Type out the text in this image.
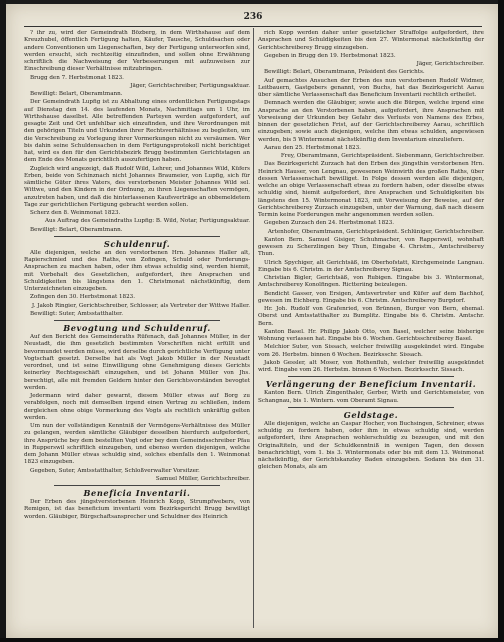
236

? ihr zu, wird der Gemeindrath Bözberg, in dem Wirthshause auf dem Kreuzhubel, öffentlich Fertigung halten, Käufer, Tausche, Schuldsachen oder andere Conventionen um Liegenschaften, bey der Fertigung unterworfen sind, werden ersucht, sich rechtzeitig einzufinden, und sollen ohne Erwähnung schriftlich die Nachweisung der Verbesserungen mit aufzuweisen zur Einschreibung dieser Verhältnisse mitzubringen.

Brugg den 7. Herbstmonat 1823.

Jäger, Gerichtschreiber, Fertigungsaktuar.

Bewilligt: Belart, Oberamtmann.

Der Gemeindrath Lupfig ist zu Abhaltung eines ordentlichen Fertigungstags auf Dienstag den 14. des laufenden Monats, Nachmittags um 1 Uhr, im Wirthshause daselbst. Alle betreffenden Parteyen werden aufgefordert, auf gesagte Zeit und Ort unfehlbar sich einzufinden, und ihre Verordnungen mit den gehörigen Titeln und Urkunden ihrer Rechtsverhältnisse zu begleiten, um die Verschreibung zu Vorlegung ihrer Vormerkungen nicht zu versäumen. Wer bis dahin seine Schuldensachen in dem Fertigungsprotokoll nicht berichtiget hat, wird es den für den Gerichtsbezirk Brugg bestimmten Gerichtstagen an dem Ende des Monats gerichtlich auszufertigen haben.

Zugleich wird angezeigt, daß Rudolf Wild, Lehrer, und Johannes Wild, Küfers Erben, beide von Schinznach nicht Johannes Braumeier, von Lupfig, sich für sämtliche Güter ihres Vaters, des verstorbenen Meister Johannes Wild sel. Wittwe, und den Kindern in der Ordnung, zu ihren Liegenschaften vermögen, anzutreten haben, und daß die hinterlassenen Kaufsverträge an obbemeldetem Tage zur gerichtlichen Fertigung gebracht werden sollen.

Scherz den 8. Weinmonat 1823.

Aus Auftrag des Gemeindraths Lupfig: B. Wild, Notar, Fertigungsaktuar.

Bewilligt: Belart, Oberamtmann.

Schuldenruf.

Alle diejenigen, welche an den verstorbenen Hrn. Johannes Haller alt, Rapierschmied und des Raths, von Zofingen, Schuld oder Forderungs-Ansprachen zu machen haben, oder ihm etwas schuldig sind, werden hiemit, mit Vorbehalt des Gesetzlichen, aufgefordert, ihre Ansprachen und Schuldigkeiten bis längstens den 1. Christmonat nächstkünftig, dem Unterzeichneten einzugeben.

Zofingen den 30. Herbstmonat 1823.

J. Jakob Ringier, Gerichtschreiber, Schlosser, als Vertreter der Wittwe Haller.

Bewilligt: Suter, Amtsstatthalter.

Bevogtung und Schuldenruf.

Auf den Bericht des Gemeinderaths Rüfenach, daß Johannes Müller, in der Neustadt, die ihm gesetzlich bestimmten Vorschriften nicht erfüllt und bevormundet werden müsse, wird derselbe durch gerichtliche Verfügung unter Vogtschaft gesetzt. Derselbe hat als Vogt Jakob Müller in der Neustadt verordnet, und ist seine Einwilligung ohne Genehmigung dieses Gerichts keinerley Rechtsgeschäft einzugehen, und ist Johann Müller von Jhs. berechtigt, alle mit fremden Geldern hinter den Gerichtsvorständen bevogtet werden.

Jedermann wird daher gewarnt, diesem Müller etwas auf Borg zu verabfolgen, noch mit demselben irgend einen Vertrag zu schließen, indem dergleichen ohne obige Vormerkung des Vogts als rechtlich unkräftig gelten werden.

Um nun der vollständigen Kenntniß der Vermögens-Verhältnisse des Müller zu gelangen, werden sämtliche Gläubiger desselben hierdurch aufgefordert, ihre Ansprüche bey dem bestellten Vogt oder bey dem Gemeindsschreiber Pfau in Rupperswil schriftlich einzugeben, und ebenso werden diejenigen, welche dem Johann Müller etwas schuldig sind, solches ebenfalls den 1. Weinmonat 1823 einzugeben.

Gegeben, Suter, Amtsstatthalter, Schloßverwalter Vorsitzer.

Samuel Müller, Gerichtschreiber.

Beneficia Inventarii.

Der Erben des jüngstverstorbenen Heinrich Kopp, Strumpfwebers, von Remigen, ist das beneficium inventarii vom Bezirksgericht Brugg bewilligt worden. Gläubiger, Bürgschaftsansprecher und Schuldner des Heinrich

rich Kopp werden daher unter gesetzlicher Straffolge aufgefordert, ihre Ansprachen und Schuldigkeiten bis den 27. Wintermonat nächstkünftig der Gerichtschreiberey Brugg einzugeben.

Gegeben in Brugg den 19. Herbstmonat 1823.

Jäger, Gerichtschreiber.

Bewilligt: Belart, Oberamtmann, Präsident des Gerichts.

Auf gemachtes Ansuchen der Erben des nun verstorbenen Rudolf Widmer, Leitbauern, Gastgebers genannt, von Buchs, hat das Bezirksgericht Aarau über sämtliche Verlassenschaft das Beneficium Inventarii rechtlich ertheilet.

Demnach werden die Gläubiger, sowie auch die Bürgen, welche irgend eine Ansprache an den Verstorbenen haben, aufgefordert, ihre Ansprachen mit Vorweisung der Urkunden bey Gefahr des Verlusts von Namens des Erbes, binnen der gesetzlichen Frist, auf der Gerichtschreiberey Aarau, schriftlich einzugeben; sowie auch diejenigen, welche ihm etwas schulden, angewiesen werden, bis 5 Wintermonat nächstkünftig dem Inventarium einzuliefern.

Aarau den 25. Herbstmonat 1823.

Frey, Oberamtmann, Gerichtspräsident. Siebenmann, Gerichtschreiber.

Das Bezirksgericht Zurzach hat den Erben des jüngsthin verstorbenen Hrn. Heinrich Hauser, von Lengnau, gewesenen Weinwirth des großen Raths, über dessen Verlassenschaft bewilliget. In Folge dessen werden alle diejenigen, welche an obige Verlassenschaft etwas zu fordern haben, oder dieselbe etwas schuldig sind, hiemit aufgefordert, ihre Ansprachen und Schuldigkeiten bis längstens den 15. Wintermonat 1823, mit Vorweisung der Beweise, auf der Gerichtschreiberey Zurzach einzugeben, unter der Warnung, daß nach diesem Termin keine Forderungen mehr angenommen werden sollen.

Gegeben Zurzach den 24. Herbstmonat 1823.

Artenhofer, Oberamtmann, Gerichtspräsident. Schlüniger, Gerichtschreiber.

Kanton Bern. Samuel Gisiger, Schuhmacher, von Rapperswil, wohnhaft gewesen zu Scherzlingen bey Thun, Eingabe 4. Christm., Amtschreiberey Thun.

Ulrich Spychiger, alt Gerichtsäß, im Oberhofstatt, Kirchgemeinde Langnau. Eingabe bis 6. Christm. in der Amtschreiberey Signau.

Christian Bigler, Gerichtsäß, von Rubigen. Eingabe bis 3. Wintermonat, Amtschreiberey Konolfingen. Rictteriing beizulegen.

Bendicht Gasser, von Ersigen, Amtsvertreter und Küfer auf dem Bachhof, gewesen im Eichberg. Eingabe bis 6. Christm. Amtschreiberey Burgdorf.

Hr. Joh. Rudolf von Grafenried, von Brünnen, Burger von Bern, ehemal. Oberst und Amtsstatthalter zu Bumplitz. Eingabe bis 6. Christm. Amtschr. Bern.

Kanton Basel. Hr. Philipp Jakob Otto, von Basel, welcher seine bisherige Wohnung verlassen hat. Eingabe bis 6. Wochen. Gerichtsschreiberey Basel.

Melchior Suter, von Sissach, welcher freiwillig ausgekündet wird. Eingabe vom 26. Herbstm. binnen 6 Wochen. Bezirksschr. Sissach.

Jakob Gessler, alt Moser, von Rothenfluh, welcher freiwillig ausgekündet wird. Eingabe vom 26. Herbstm. binnen 6 Wochen. Bezirksschr. Sissach.

Verlängerung der Beneficium Inventarii.

Kanton Bern. Ulrich Zingenthaler, Gerber, Wirth und Gerichtsmeister, von Schangnau, bis 1. Wintern. vom Oberamt Signau.

Geldstage.

Alle diejenigen, welche an Caspar Hocher, von Buchsingen, Schreiner, etwas schuldig zu fordern haben, oder ihm in etwas schuldig sind, werden aufgefordert, ihre Ansprachen wohlerschuldig zu bezeugen, und mit den Originaltiteln, und der Schuldkenntniß in wenigen Tagen, den dessen benachrichtigt, vom 1. bis 3. Wintermonats oder bis mit dem 13. Weinmonat nächstkünftig, der Gerichtskanzley Baden einzugeben. Sodann bis den 31. gleichen Monats, als am
